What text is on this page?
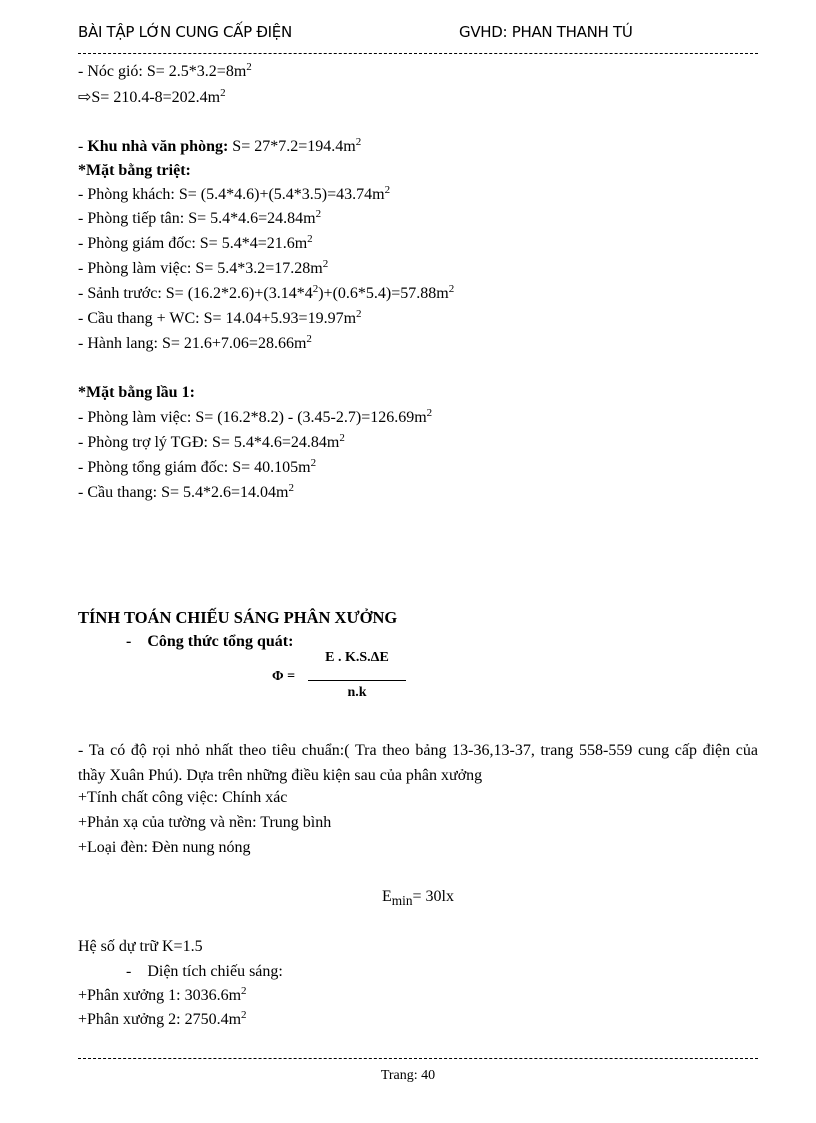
BÀI TẬP LỚN CUNG CẤP ĐIỆN	GVHD: PHAN THANH TÚ
- Nóc gió: $S= 2.5*3.2=8m^2$
⇨S= $210.4-8=202.4m^2$
- Khu nhà văn phòng: $S= 27*7.2=194.4m^2$
*Mặt bằng triệt:
- Phòng khách: $S= (5.4*4.6)+(5.4*3.5)=43.74m^2$
- Phòng tiếp tân: $S= 5.4*4.6=24.84m^2$
- Phòng giám đốc: $S= 5.4*4=21.6m^2$
- Phòng làm việc: $S= 5.4*3.2=17.28m^2$
- Sảnh trước: $S= (16.2*2.6)+(3.14*4^2)+(0.6*5.4)=57.88m^2$
- Cầu thang + WC: $S= 14.04+5.93=19.97m^2$
- Hành lang: $S= 21.6+7.06=28.66m^2$
*Mặt bằng lầu 1:
- Phòng làm việc: $S= (16.2*8.2) - (3.45-2.7)=126.69m^2$
- Phòng trợ lý TGĐ: $S= 5.4*4.6=24.84m^2$
- Phòng tổng giám đốc: $S= 40.105m^2$
- Cầu thang: $S= 5.4*2.6=14.04m^2$
TÍNH TOÁN CHIẾU SÁNG PHÂN XƯỞNG
-    Công thức tổng quát:
- Ta có độ rọi nhỏ nhất theo tiêu chuẩn:( Tra theo bảng 13-36,13-37, trang 558-559 cung cấp điện của thầy Xuân Phú). Dựa trên những điều kiện sau của phân xưởng
+Tính chất công việc: Chính xác
+Phản xạ của tường và nền: Trung bình
+Loại đèn: Đèn nung nóng
$E_{min}= 30lx$
Hệ số dự trữ K=1.5
-    Diện tích chiếu sáng:
+Phân xưởng 1: $3036.6m^2$
+Phân xưởng 2: $2750.4m^2$
Φ =
E . K.S.ΔE
n.k
Trang: 40
